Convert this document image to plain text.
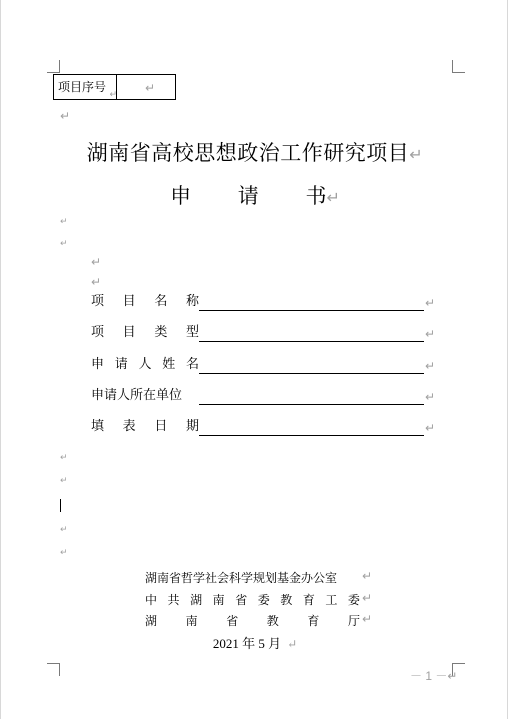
项目序号
↵ ↵
↵
湖南省高校思想政治工作研究项目↵
申 请 书↵
↵
↵
↵
↵
项 目 名 称	↵
项 目 类 型	↵
申 请 人 姓 名	↵
申请人所在单位	↵
填 表 日 期	↵
↵
↵
↵
↵
湖南省哲学社会科学规划基金办公室 ↵
中 共 湖 南 省 委 教 育 工 委 ↵
湖 南 省 教 育 厅 ↵
2021 年 5 月 ↵
－ 1 －↵
